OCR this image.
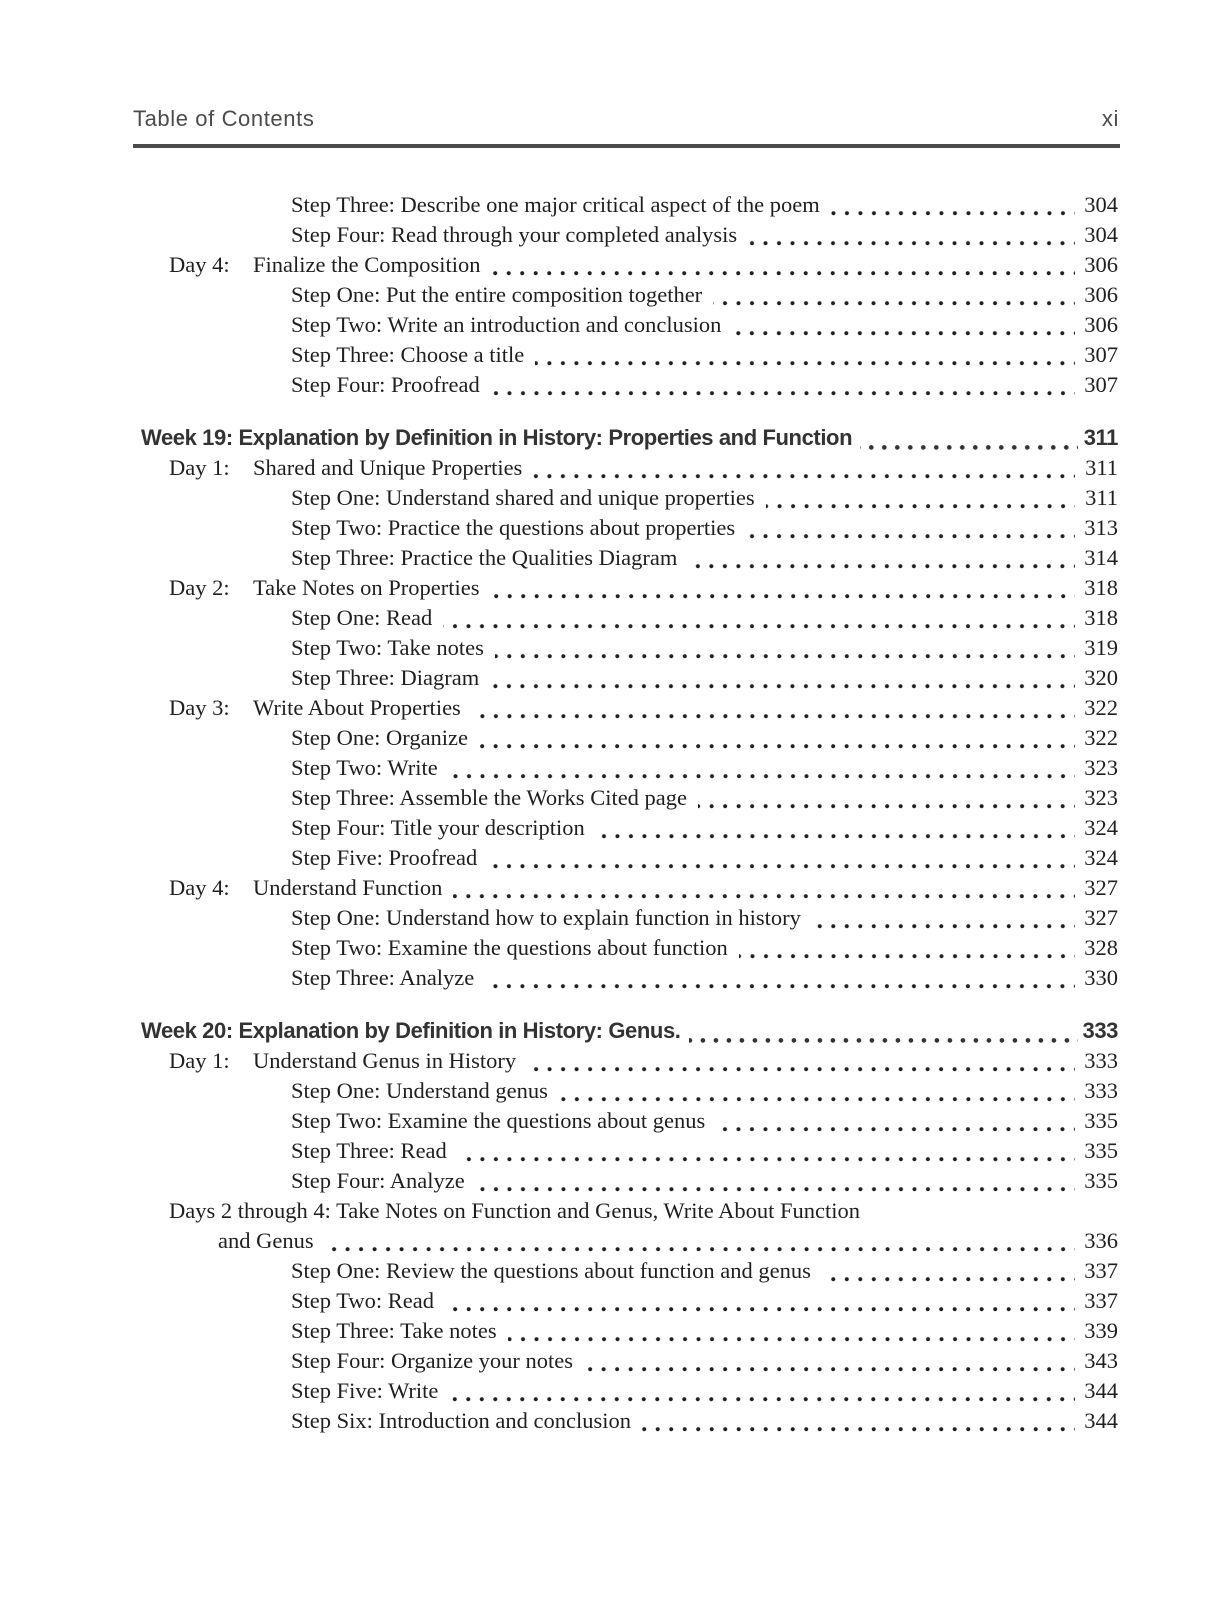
Table of Contents	xi
Step Three: Describe one major critical aspect of the poem	304
Step Four: Read through your completed analysis	304
Day 4:	Finalize the Composition	306
Step One: Put the entire composition together	306
Step Two: Write an introduction and conclusion	306
Step Three: Choose a title	307
Step Four: Proofread	307
Week 19: Explanation by Definition in History: Properties and Function	311
Day 1:	Shared and Unique Properties	311
Step One: Understand shared and unique properties	311
Step Two: Practice the questions about properties	313
Step Three: Practice the Qualities Diagram	314
Day 2:	Take Notes on Properties	318
Step One: Read	318
Step Two: Take notes	319
Step Three: Diagram	320
Day 3:	Write About Properties	322
Step One: Organize	322
Step Two: Write	323
Step Three: Assemble the Works Cited page	323
Step Four: Title your description	324
Step Five: Proofread	324
Day 4:	Understand Function	327
Step One: Understand how to explain function in history	327
Step Two: Examine the questions about function	328
Step Three: Analyze	330
Week 20: Explanation by Definition in History: Genus.	333
Day 1:	Understand Genus in History	333
Step One: Understand genus	333
Step Two: Examine the questions about genus	335
Step Three: Read	335
Step Four: Analyze	335
Days 2 through 4: Take Notes on Function and Genus, Write About Function
and Genus	336
Step One: Review the questions about function and genus	337
Step Two: Read	337
Step Three: Take notes	339
Step Four: Organize your notes	343
Step Five: Write	344
Step Six: Introduction and conclusion	344
